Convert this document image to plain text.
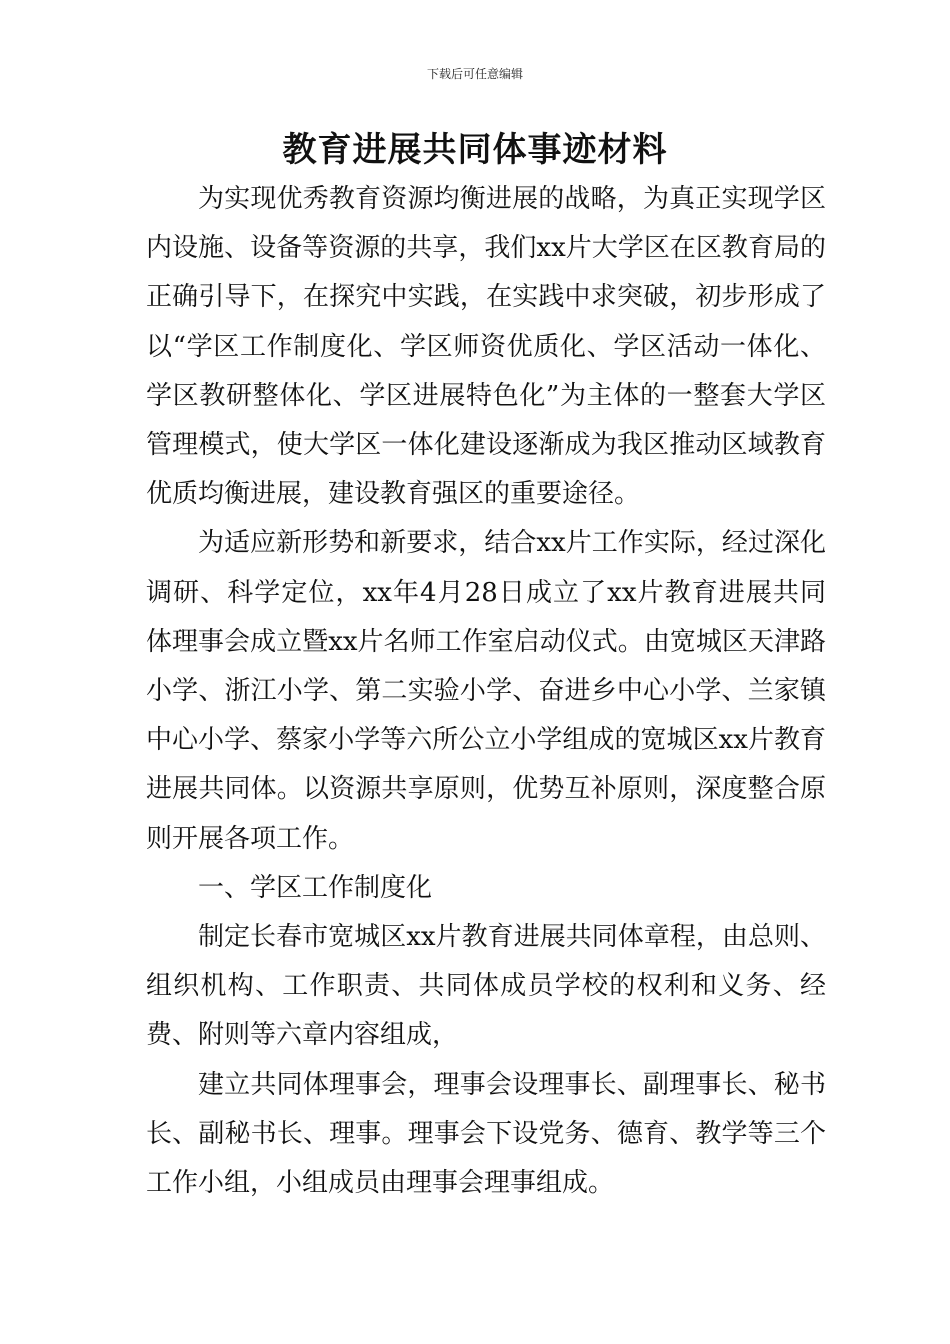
下载后可任意编辑
教育进展共同体事迹材料

为实现优秀教育资源均衡进展的战略，为真正实现学区内设施、设备等资源的共享，我们xx片大学区在区教育局的正确引导下，在探究中实践，在实践中求突破，初步形成了以“学区工作制度化、学区师资优质化、学区活动一体化、学区教研整体化、学区进展特色化”为主体的一整套大学区管理模式，使大学区一体化建设逐渐成为我区推动区域教育优质均衡进展，建设教育强区的重要途径。

为适应新形势和新要求，结合xx片工作实际，经过深化调研、科学定位，xx年4月28日成立了xx片教育进展共同体理事会成立暨xx片名师工作室启动仪式。由宽城区天津路小学、浙江小学、第二实验小学、奋进乡中心小学、兰家镇中心小学、蔡家小学等六所公立小学组成的宽城区xx片教育进展共同体。以资源共享原则，优势互补原则，深度整合原则开展各项工作。

一、学区工作制度化

制定长春市宽城区xx片教育进展共同体章程，由总则、组织机构、工作职责、共同体成员学校的权利和义务、经费、附则等六章内容组成，

建立共同体理事会，理事会设理事长、副理事长、秘书长、副秘书长、理事。理事会下设党务、德育、教学等三个工作小组，小组成员由理事会理事组成。
